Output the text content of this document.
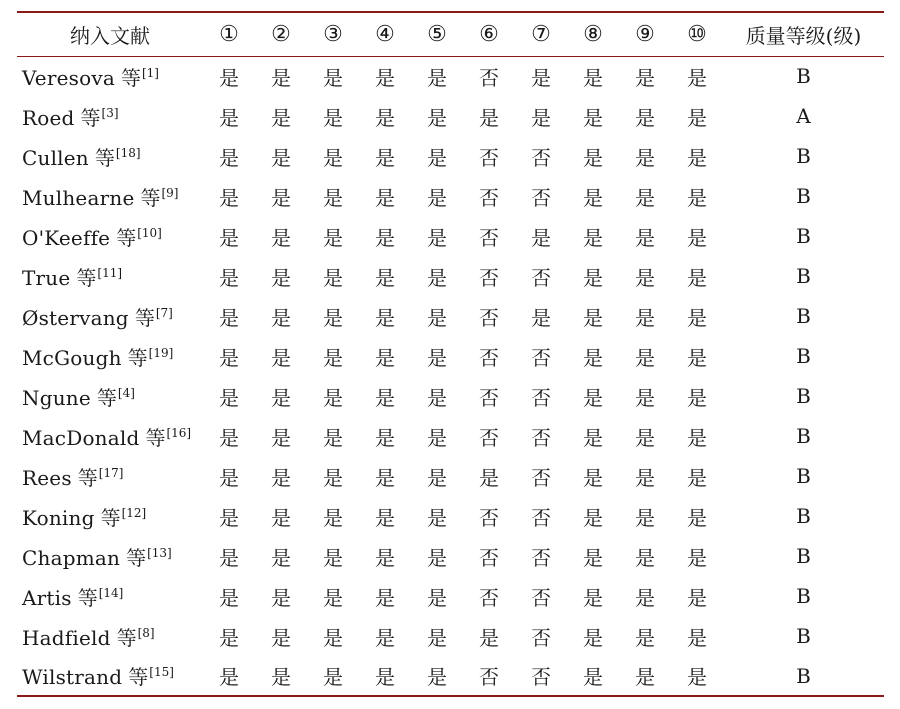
纳入文献	①	②	③	④	⑤	⑥	⑦	⑧	⑨	⑩	质量等级(级)
Veresova 等[1]	是	是	是	是	是	否	是	是	是	是	B
Roed 等[3]	是	是	是	是	是	是	是	是	是	是	A
Cullen 等[18]	是	是	是	是	是	否	否	是	是	是	B
Mulhearne 等[9]	是	是	是	是	是	否	否	是	是	是	B
O'Keeffe 等[10]	是	是	是	是	是	否	是	是	是	是	B
True 等[11]	是	是	是	是	是	否	否	是	是	是	B
Østervang 等[7]	是	是	是	是	是	否	是	是	是	是	B
McGough 等[19]	是	是	是	是	是	否	否	是	是	是	B
Ngune 等[4]	是	是	是	是	是	否	否	是	是	是	B
MacDonald 等[16]	是	是	是	是	是	否	否	是	是	是	B
Rees 等[17]	是	是	是	是	是	是	否	是	是	是	B
Koning 等[12]	是	是	是	是	是	否	否	是	是	是	B
Chapman 等[13]	是	是	是	是	是	否	否	是	是	是	B
Artis 等[14]	是	是	是	是	是	否	否	是	是	是	B
Hadfield 等[8]	是	是	是	是	是	是	否	是	是	是	B
Wilstrand 等[15]	是	是	是	是	是	否	否	是	是	是	B
